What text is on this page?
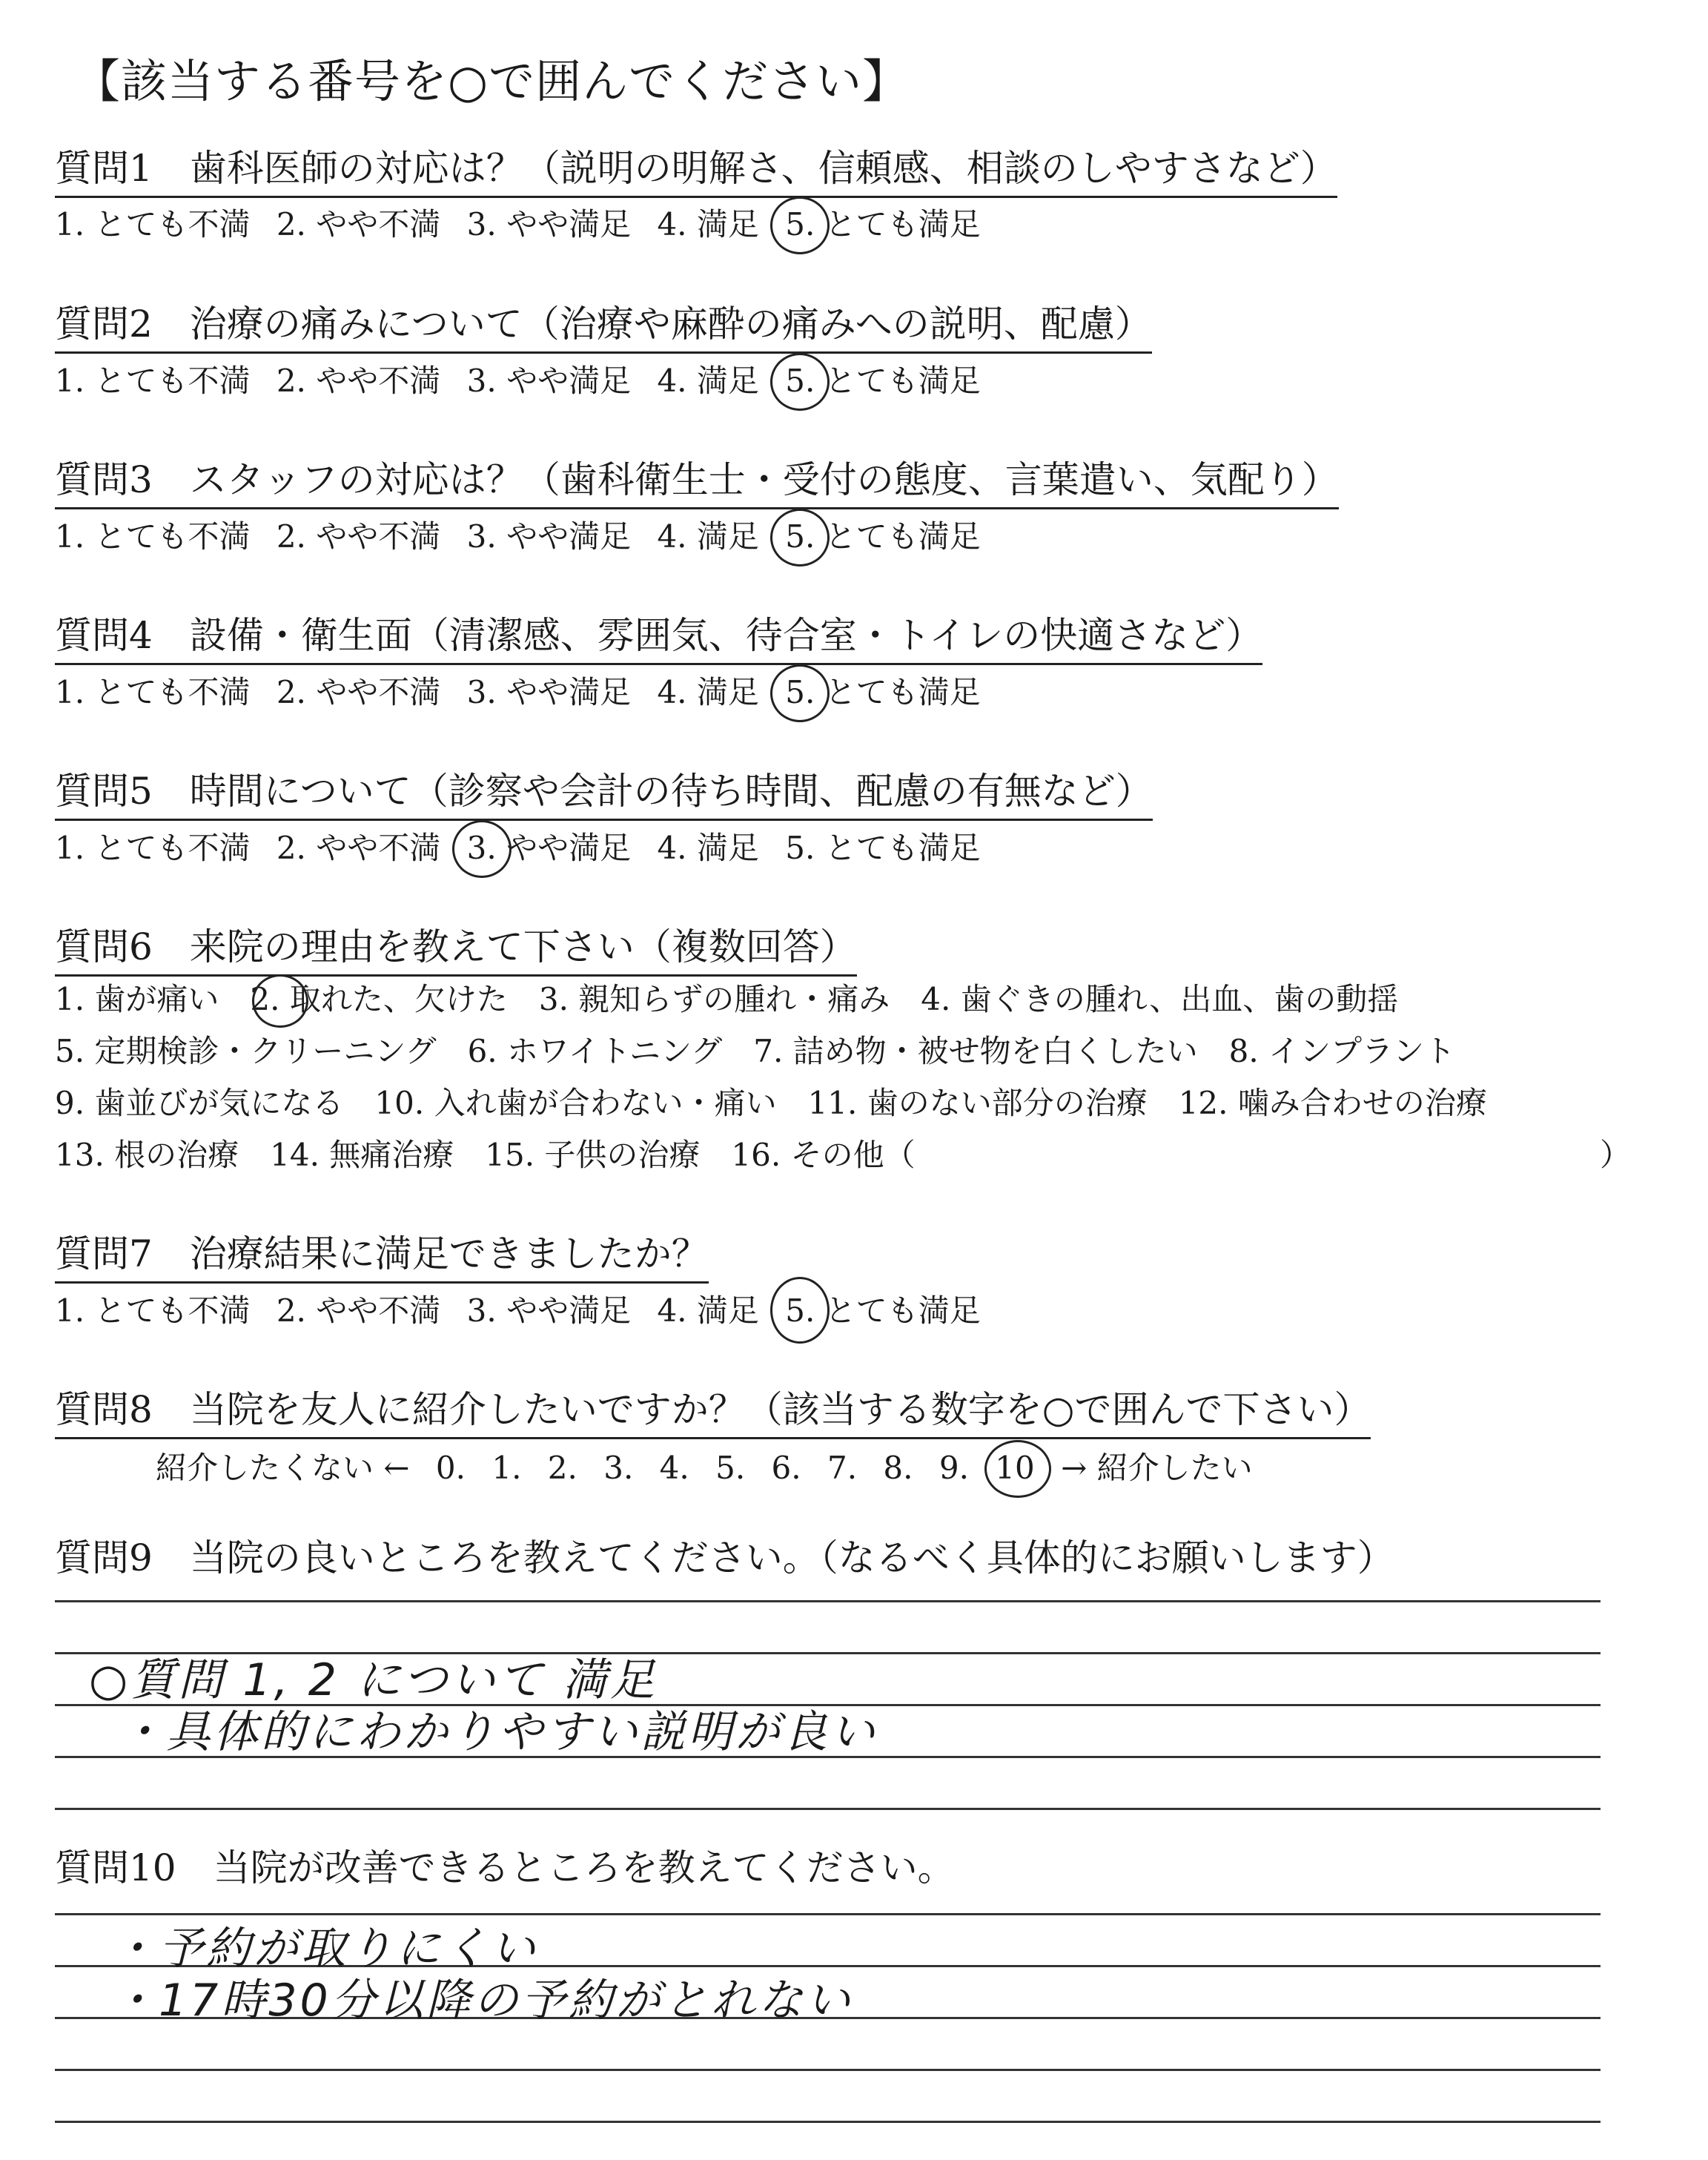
【該当する番号を○で囲んでください】
質問1　歯科医師の対応は？（説明の明解さ、信頼感、相談のしやすさなど）
1. とても不満 2. やや不満 3. やや満足 4. 満足 5. とても満足
質問2　治療の痛みについて（治療や麻酔の痛みへの説明、配慮）
1. とても不満 2. やや不満 3. やや満足 4. 満足 5. とても満足
質問3　スタッフの対応は？（歯科衛生士・受付の態度、言葉遣い、気配り）
1. とても不満 2. やや不満 3. やや満足 4. 満足 5. とても満足
質問4　設備・衛生面（清潔感、雰囲気、待合室・トイレの快適さなど）
1. とても不満 2. やや不満 3. やや満足 4. 満足 5. とても満足
質問5　時間について（診察や会計の待ち時間、配慮の有無など）
1. とても不満 2. やや不満 3. やや満足 4. 満足 5. とても満足
質問6　来院の理由を教えて下さい（複数回答）
1. 歯が痛い　2. 取れた、欠けた　3. 親知らずの腫れ・痛み　4. 歯ぐきの腫れ、出血、歯の動揺
5. 定期検診・クリーニング　6. ホワイトニング　7. 詰め物・被せ物を白くしたい　8. インプラント
9. 歯並びが気になる　10. 入れ歯が合わない・痛い　11. 歯のない部分の治療　12. 噛み合わせの治療
13. 根の治療　14. 無痛治療　15. 子供の治療　16. その他（	）
質問7　治療結果に満足できましたか？
1. とても不満 2. やや不満 3. やや満足 4. 満足 5. とても満足
質問8　当院を友人に紹介したいですか？（該当する数字を○で囲んで下さい）
紹介したくない ← 0. 1. 2. 3. 4. 5. 6. 7. 8. 9. 10 → 紹介したい
質問9　当院の良いところを教えてください。（なるべく具体的にお願いします）
○質問 1, 2 について 満足
・具体的にわかりやすい説明が良い
質問10　当院が改善できるところを教えてください。
・予約が取りにくい
・17時30分以降の予約がとれない
